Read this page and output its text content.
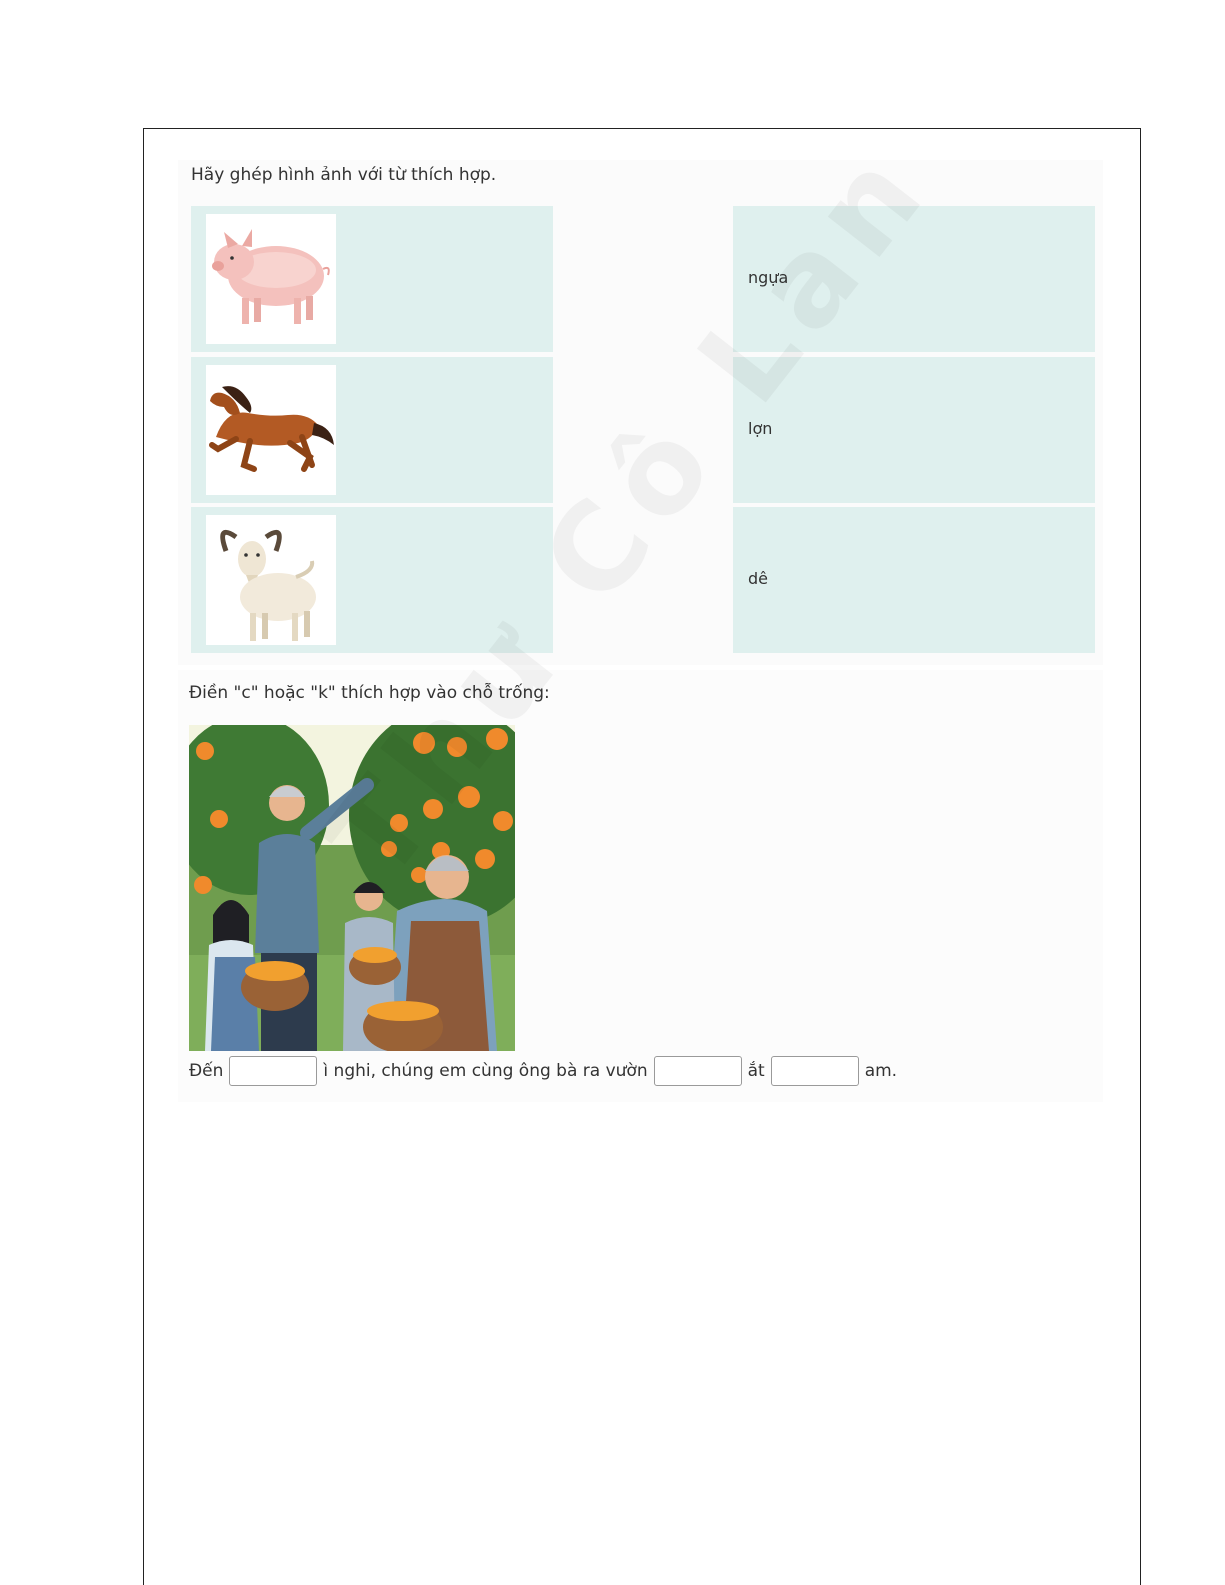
Hãy ghép hình ảnh với từ thích hợp.
ngựa
lợn
dê
Điền "c" hoặc "k" thích hợp vào chỗ trống:
Đến	ì nghi, chúng em cùng ông bà ra vườn	ắt	am.
